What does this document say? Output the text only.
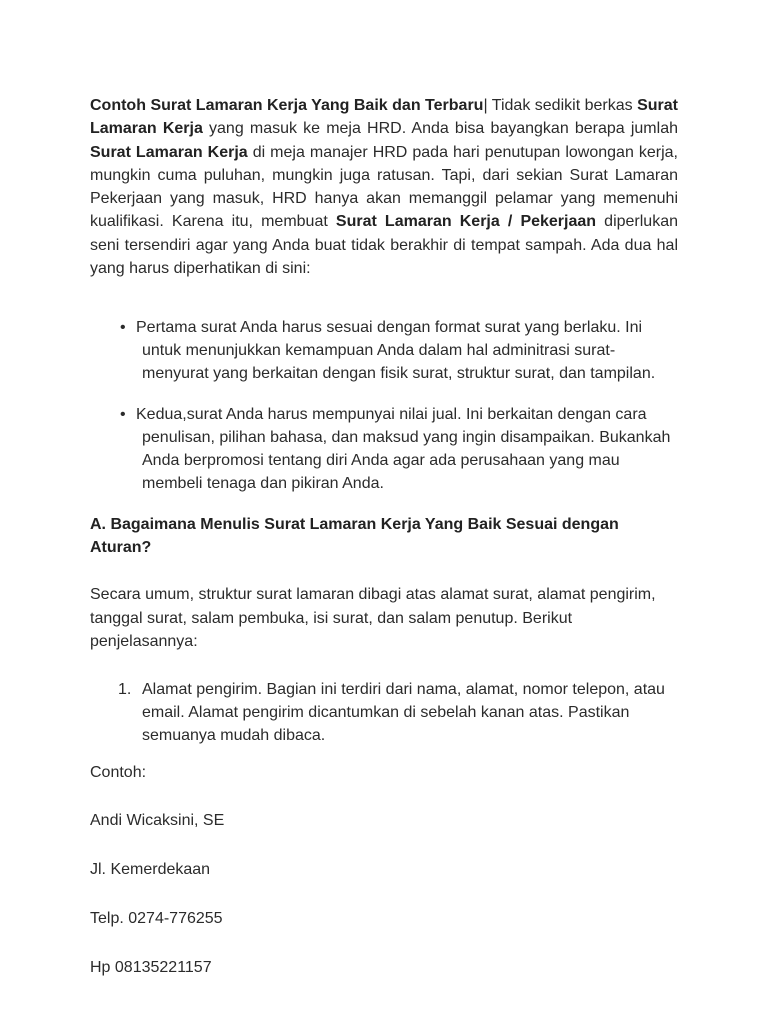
Contoh Surat Lamaran Kerja Yang Baik dan Terbaru| Tidak sedikit berkas Surat Lamaran Kerja yang masuk ke meja HRD. Anda bisa bayangkan berapa jumlah Surat Lamaran Kerja di meja manajer HRD pada hari penutupan lowongan kerja, mungkin cuma puluhan, mungkin juga ratusan. Tapi, dari sekian Surat Lamaran Pekerjaan yang masuk, HRD hanya akan memanggil pelamar yang memenuhi kualifikasi. Karena itu, membuat Surat Lamaran Kerja / Pekerjaan diperlukan seni tersendiri agar yang Anda buat tidak berakhir di tempat sampah. Ada dua hal yang harus diperhatikan di sini:

• Pertama surat Anda harus sesuai dengan format surat yang berlaku. Ini untuk menunjukkan kemampuan Anda dalam hal adminitrasi surat-menyurat yang berkaitan dengan fisik surat, struktur surat, dan tampilan.
• Kedua,surat Anda harus mempunyai nilai jual. Ini berkaitan dengan cara penulisan, pilihan bahasa, dan maksud yang ingin disampaikan. Bukankah Anda berpromosi tentang diri Anda agar ada perusahaan yang mau membeli tenaga dan pikiran Anda.

A. Bagaimana Menulis Surat Lamaran Kerja Yang Baik Sesuai dengan Aturan?

Secara umum, struktur surat lamaran dibagi atas alamat surat, alamat pengirim, tanggal surat, salam pembuka, isi surat, dan salam penutup. Berikut penjelasannya:

1. Alamat pengirim. Bagian ini terdiri dari nama, alamat, nomor telepon, atau email. Alamat pengirim dicantumkan di sebelah kanan atas. Pastikan semuanya mudah dibaca.

Contoh:

Andi Wicaksini, SE

Jl. Kemerdekaan

Telp. 0274-776255

Hp 08135221157
